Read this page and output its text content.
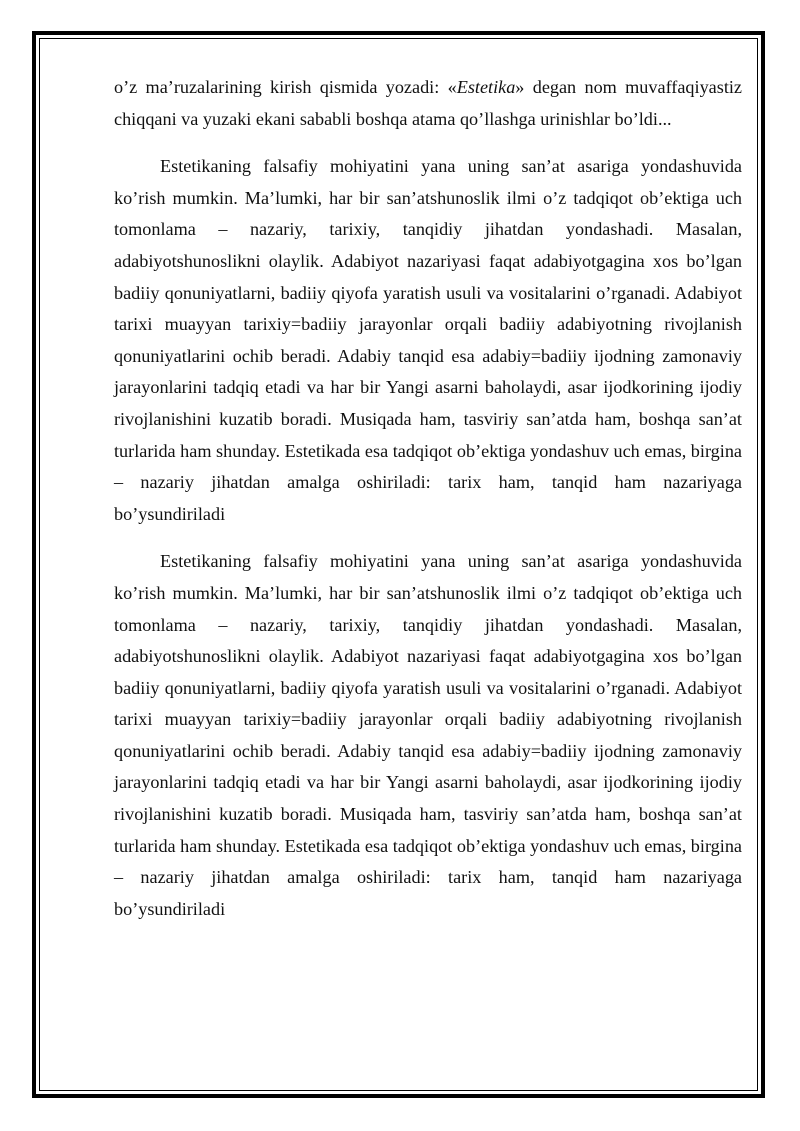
o’z ma’ruzalarining kirish qismida yozadi: «Estetika» degan nom muvaffaqiyastiz chiqqani va yuzaki ekani sababli boshqa atama qo’llashga urinishlar bo’ldi...

Estetikaning falsafiy mohiyatini yana uning san’at asariga yondashuvida ko’rish mumkin. Ma’lumki, har bir san’atshunoslik ilmi o’z tadqiqot ob’ektiga uch tomonlama – nazariy, tarixiy, tanqidiy jihatdan yondashadi. Masalan, adabiyotshunoslikni olaylik. Adabiyot nazariyasi faqat adabiyotgagina xos bo’lgan badiiy qonuniyatlarni, badiiy qiyofa yaratish usuli va vositalarini o’rganadi. Adabiyot tarixi muayyan tarixiy=badiiy jarayonlar orqali badiiy adabiyotning rivojlanish qonuniyatlarini ochib beradi. Adabiy tanqid esa adabiy=badiiy ijodning zamonaviy jarayonlarini tadqiq etadi va har bir Yangi asarni baholaydi, asar ijodkorining ijodiy rivojlanishini kuzatib boradi. Musiqada ham, tasviriy san’atda ham, boshqa san’at turlarida ham shunday. Estetikada esa tadqiqot ob’ektiga yondashuv uch emas, birgina – nazariy jihatdan amalga oshiriladi: tarix ham, tanqid ham nazariyaga bo’ysundiriladi

Estetikaning falsafiy mohiyatini yana uning san’at asariga yondashuvida ko’rish mumkin. Ma’lumki, har bir san’atshunoslik ilmi o’z tadqiqot ob’ektiga uch tomonlama – nazariy, tarixiy, tanqidiy jihatdan yondashadi. Masalan, adabiyotshunoslikni olaylik. Adabiyot nazariyasi faqat adabiyotgagina xos bo’lgan badiiy qonuniyatlarni, badiiy qiyofa yaratish usuli va vositalarini o’rganadi. Adabiyot tarixi muayyan tarixiy=badiiy jarayonlar orqali badiiy adabiyotning rivojlanish qonuniyatlarini ochib beradi. Adabiy tanqid esa adabiy=badiiy ijodning zamonaviy jarayonlarini tadqiq etadi va har bir Yangi asarni baholaydi, asar ijodkorining ijodiy rivojlanishini kuzatib boradi. Musiqada ham, tasviriy san’atda ham, boshqa san’at turlarida ham shunday. Estetikada esa tadqiqot ob’ektiga yondashuv uch emas, birgina – nazariy jihatdan amalga oshiriladi: tarix ham, tanqid ham nazariyaga bo’ysundiriladi
